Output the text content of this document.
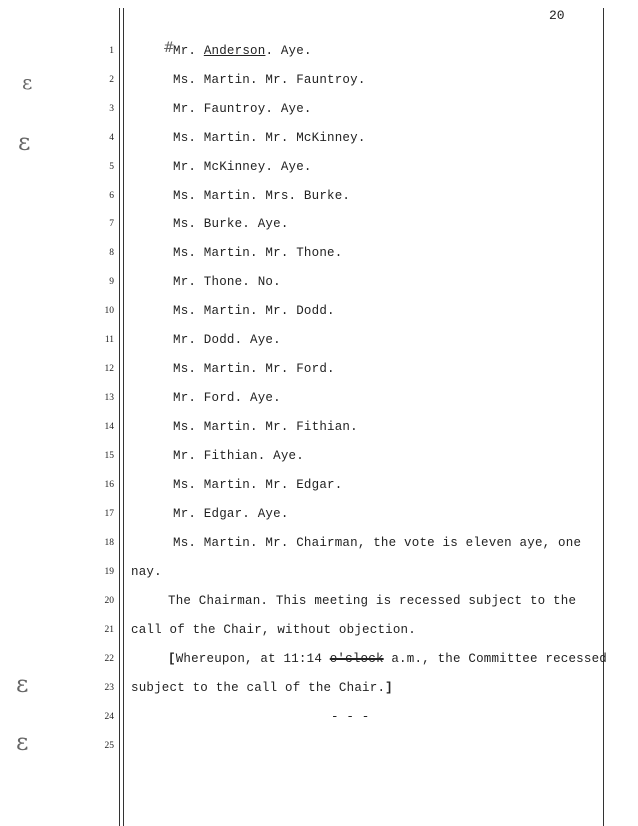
20
ε
ε
ε
ε
#
1
2
3
4
5
6
7
8
9
10
11
12
13
14
15
16
17
18
19
20
21
22
23
24
25
Mr. Anderson. Aye.
Ms. Martin. Mr. Fauntroy.
Mr. Fauntroy. Aye.
Ms. Martin. Mr. McKinney.
Mr. McKinney. Aye.
Ms. Martin. Mrs. Burke.
Ms. Burke. Aye.
Ms. Martin. Mr. Thone.
Mr. Thone. No.
Ms. Martin. Mr. Dodd.
Mr. Dodd. Aye.
Ms. Martin. Mr. Ford.
Mr. Ford. Aye.
Ms. Martin. Mr. Fithian.
Mr. Fithian. Aye.
Ms. Martin. Mr. Edgar.
Mr. Edgar. Aye.
Ms. Martin. Mr. Chairman, the vote is eleven aye, one
nay.
The Chairman. This meeting is recessed subject to the
call of the Chair, without objection.
[Whereupon, at 11:14 o'clock a.m., the Committee recessed
subject to the call of the Chair.]
- - -
